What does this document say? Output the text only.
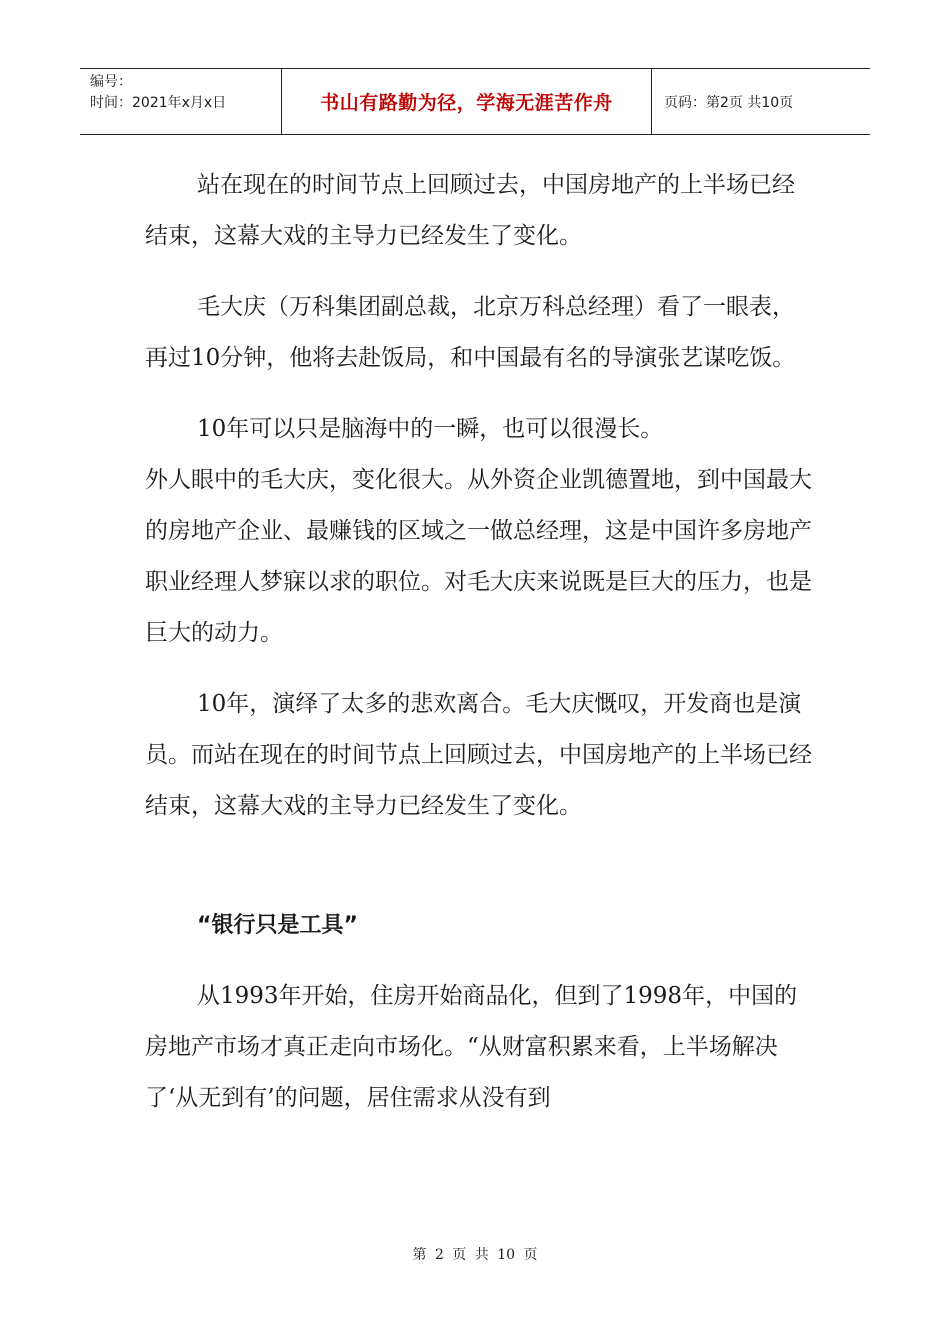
编号：
时间：2021年x月x日	书山有路勤为径，学海无涯苦作舟	页码：第2页 共10页

站在现在的时间节点上回顾过去，中国房地产的上半场已经结束，这幕大戏的主导力已经发生了变化。

毛大庆（万科集团副总裁，北京万科总经理）看了一眼表，再过10分钟，他将去赴饭局，和中国最有名的导演张艺谋吃饭。

10年可以只是脑海中的一瞬，也可以很漫长。

外人眼中的毛大庆，变化很大。从外资企业凯德置地，到中国最大的房地产企业、最赚钱的区域之一做总经理，这是中国许多房地产职业经理人梦寐以求的职位。对毛大庆来说既是巨大的压力，也是巨大的动力。

10年，演绎了太多的悲欢离合。毛大庆慨叹，开发商也是演员。而站在现在的时间节点上回顾过去，中国房地产的上半场已经结束，这幕大戏的主导力已经发生了变化。

“银行只是工具”

从1993年开始，住房开始商品化，但到了1998年，中国的房地产市场才真正走向市场化。“从财富积累来看，上半场解决了‘从无到有’的问题，居住需求从没有到

第 2 页 共 10 页
